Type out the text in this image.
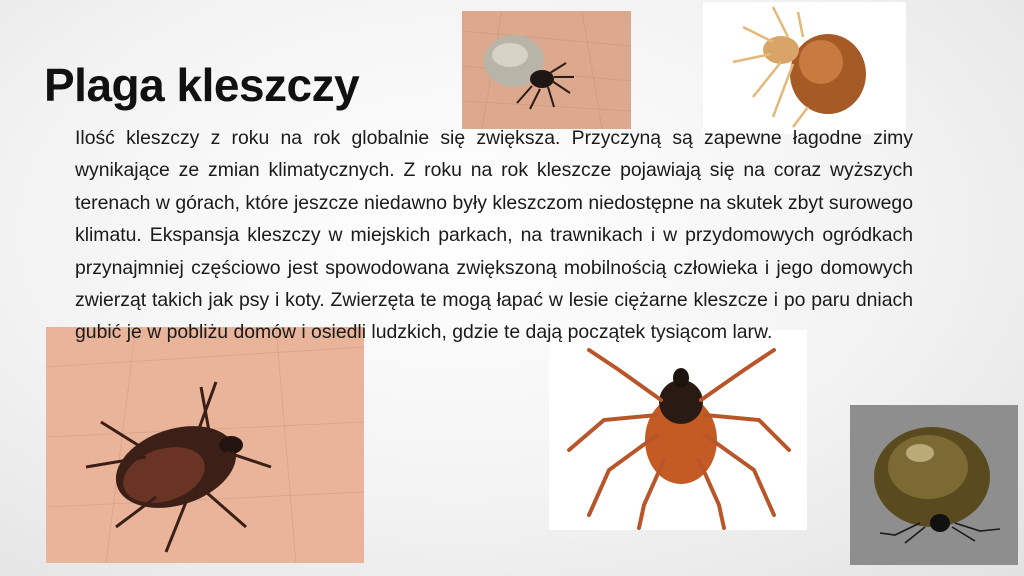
Plaga kleszczy

Ilość kleszczy z roku na rok globalnie się zwiększa. Przyczyną są zapewne łagodne zimy wynikające ze zmian klimatycznych. Z roku na rok kleszcze pojawiają się na coraz wyższych terenach w górach, które jeszcze niedawno były kleszczom niedostępne na skutek zbyt surowego klimatu. Ekspansja kleszczy w miejskich parkach, na trawnikach i w przydomowych ogródkach przynajmniej częściowo jest spowodowana zwiększoną mobilnością człowieka i jego domowych zwierząt takich jak psy i koty. Zwierzęta te mogą łapać w lesie ciężarne kleszcze i po paru dniach gubić je w pobliżu domów i osiedli ludzkich, gdzie te dają początek tysiącom larw.
